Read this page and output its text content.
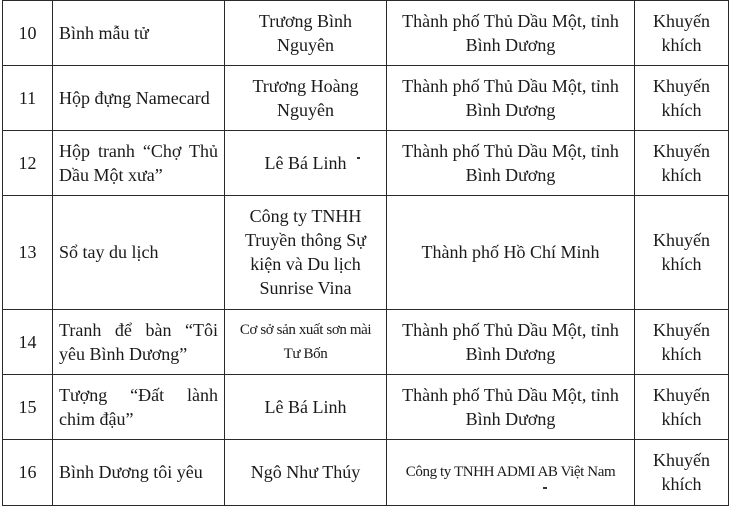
10	Bình mẫu tử	Trương Bình Nguyên	Thành phố Thủ Dầu Một, tỉnh Bình Dương	Khuyến khích
11	Hộp đựng Namecard	Trương Hoàng Nguyên	Thành phố Thủ Dầu Một, tỉnh Bình Dương	Khuyến khích
12	Hộp tranh “Chợ Thủ Dầu Một xưa”	Lê Bá Linh	Thành phố Thủ Dầu Một, tỉnh Bình Dương	Khuyến khích
13	Sổ tay du lịch	Công ty TNHH Truyền thông Sự kiện và Du lịch Sunrise Vina	Thành phố Hồ Chí Minh	Khuyến khích
14	Tranh để bàn “Tôi yêu Bình Dương”	Cơ sở sản xuất sơn mài Tư Bốn	Thành phố Thủ Dầu Một, tỉnh Bình Dương	Khuyến khích
15	Tượng “Đất lành chim đậu”	Lê Bá Linh	Thành phố Thủ Dầu Một, tỉnh Bình Dương	Khuyến khích
16	Bình Dương tôi yêu	Ngô Như Thúy	Công ty TNHH ADMI AB Việt Nam	Khuyến khích
